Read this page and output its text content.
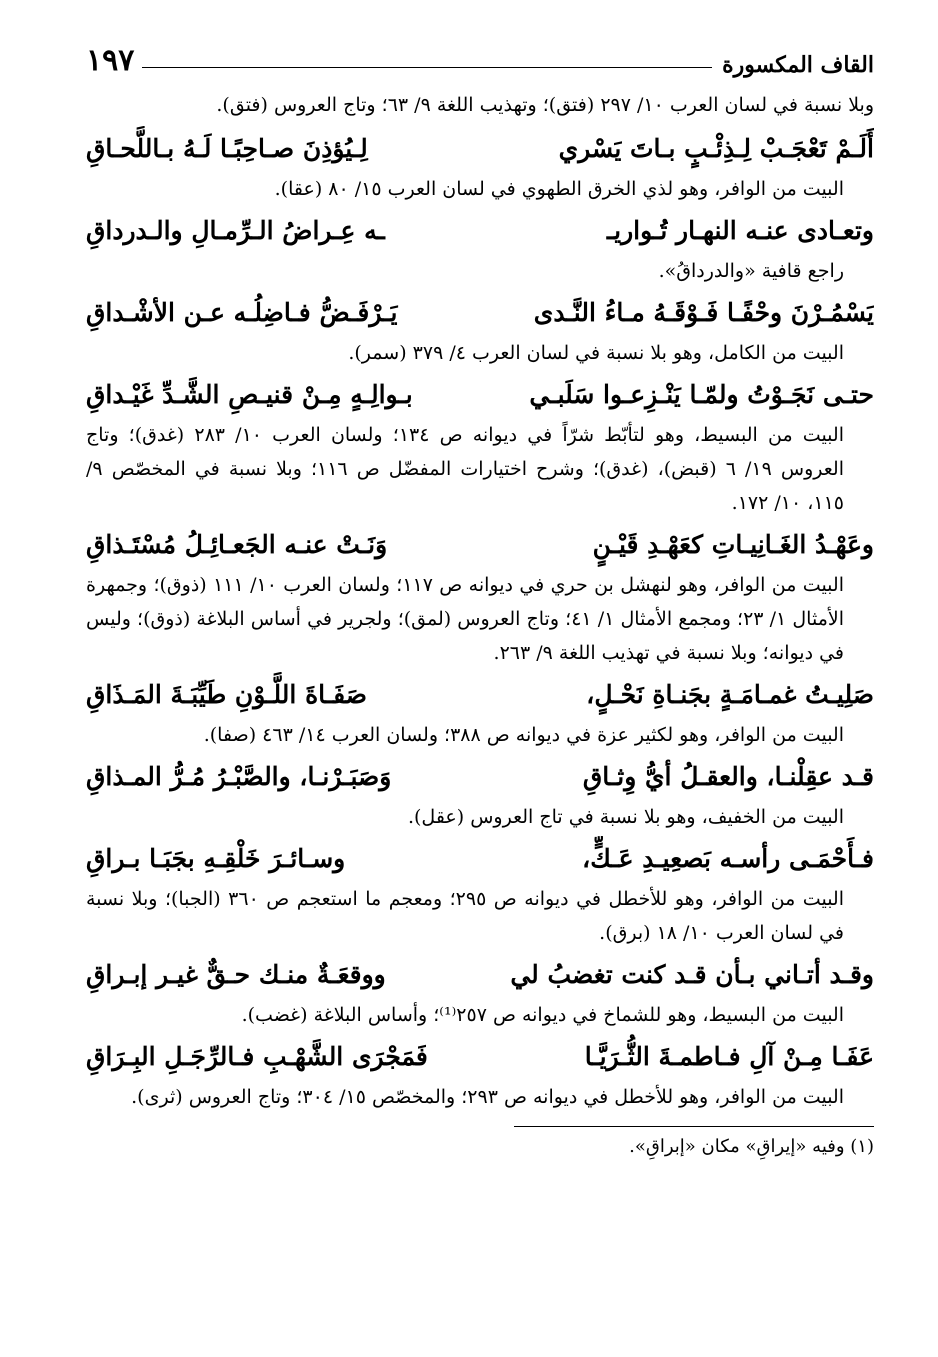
القاف المكسورة
١٩٧
وبلا نسبة في لسان العرب ١٠/ ٢٩٧ (فتق)؛ وتهذيب اللغة ٩/ ٦٣؛ وتاج العروس (فتق).
أَلَـمْ تَعْجَـبْ لِـذِئْـبٍ بـاتَ يَسْري
لِـيُؤذِنَ صـاحِبًـا لَـهُ بـاللَّحـاقِ
البيت من الوافر، وهو لذي الخرق الطهوي في لسان العرب ١٥/ ٨٠ (عقا).
وتعـادى عنـه النهـار تُـواريـ
ـه عِـراضُ الـرِّمـالِ والـدرداقِ
راجع قافية «والدرداقُ».
يَسْمُـرْنَ وحْفًـا فَـوْقَـهُ مـاءُ النَّـدى
يَـرْفَـضُّ فـاضِلُـه عـن الأشْـداقِ
البيت من الكامل، وهو بلا نسبة في لسان العرب ٤/ ٣٧٩ (سمر).
حتـى نَجَـوْتُ ولمّـا يَنْـزِعـوا سَلَبـي
بـوالِـهٍ مِـنْ قنيـصِ الشَّـدِّ غَيْـداقِ
البيت من البسيط، وهو لتأبّط شرّاً في ديوانه ص ١٣٤؛ ولسان العرب ١٠/ ٢٨٣ (غدق)؛ وتاج العروس ١٩/ ٦ (قبض)، (غدق)؛ وشرح اختيارات المفضّل ص ١١٦؛ وبلا نسبة في المخصّص ٩/ ١١٥، ١٠/ ١٧٢.
وعَهْـدُ الغَـانِيـاتِ كعَهْـدِ قَيْـنٍ
وَنَـتْ عنـه الجَعـائِـلُ مُسْتَـذاقِ
البيت من الوافر، وهو لنهشل بن حري في ديوانه ص ١١٧؛ ولسان العرب ١٠/ ١١١ (ذوق)؛ وجمهرة الأمثال ١/ ٢٣؛ ومجمع الأمثال ١/ ٤١؛ وتاج العروس (لمق)؛ ولجرير في أساس البلاغة (ذوق)؛ وليس في ديوانه؛ وبلا نسبة في تهذيب اللغة ٩/ ٢٦٣.
صَلِيـتُ غمـامَـةٍ بجَنـاةِ نَحْـلٍ،
صَفَـاةَ اللَّـوْنِ طَيِّبَـةَ المَـذَاقِ
البيت من الوافر، وهو لكثير عزة في ديوانه ص ٣٨٨؛ ولسان العرب ١٤/ ٤٦٣ (صفا).
قـد عقِلْنـا، والعقـلُ أيُّ وِثـاقِ
وَصَبَـرْنـا، والصَّبْـرُ مُـرُّ المـذاقِ
البيت من الخفيف، وهو بلا نسبة في تاج العروس (عقل).
فـأَحْمَـى رأسـه بَصعِيـدِ عَـكٍّ،
وسـائـرَ خَلْقِـهِ بجَبَـا بـراقِ
البيت من الوافر، وهو للأخطل في ديوانه ص ٢٩٥؛ ومعجم ما استعجم ص ٣٦٠ (الجبا)؛ وبلا نسبة في لسان العرب ١٠/ ١٨ (برق).
وقـد أتـاني بـأن قـد كنت تغضبُ لي
ووقعَـةٌ منـك حـقٌّ غيـر إبـراقِ
البيت من البسيط، وهو للشماخ في ديوانه ص ٢٥٧⁽¹⁾؛ وأساس البلاغة (غضب).
عَفَـا مِـنْ آلِ فـاطمـةَ الثُّـرَيَّـا
فَمَجْرَى الشَّهْـبِ فـالرِّجَـلِ البِـرَاقِ
البيت من الوافر، وهو للأخطل في ديوانه ص ٢٩٣؛ والمخصّص ١٥/ ٣٠٤؛ وتاج العروس (ثرى).
(١) وفيه «إيراقِ» مكان «إبراقِ».
